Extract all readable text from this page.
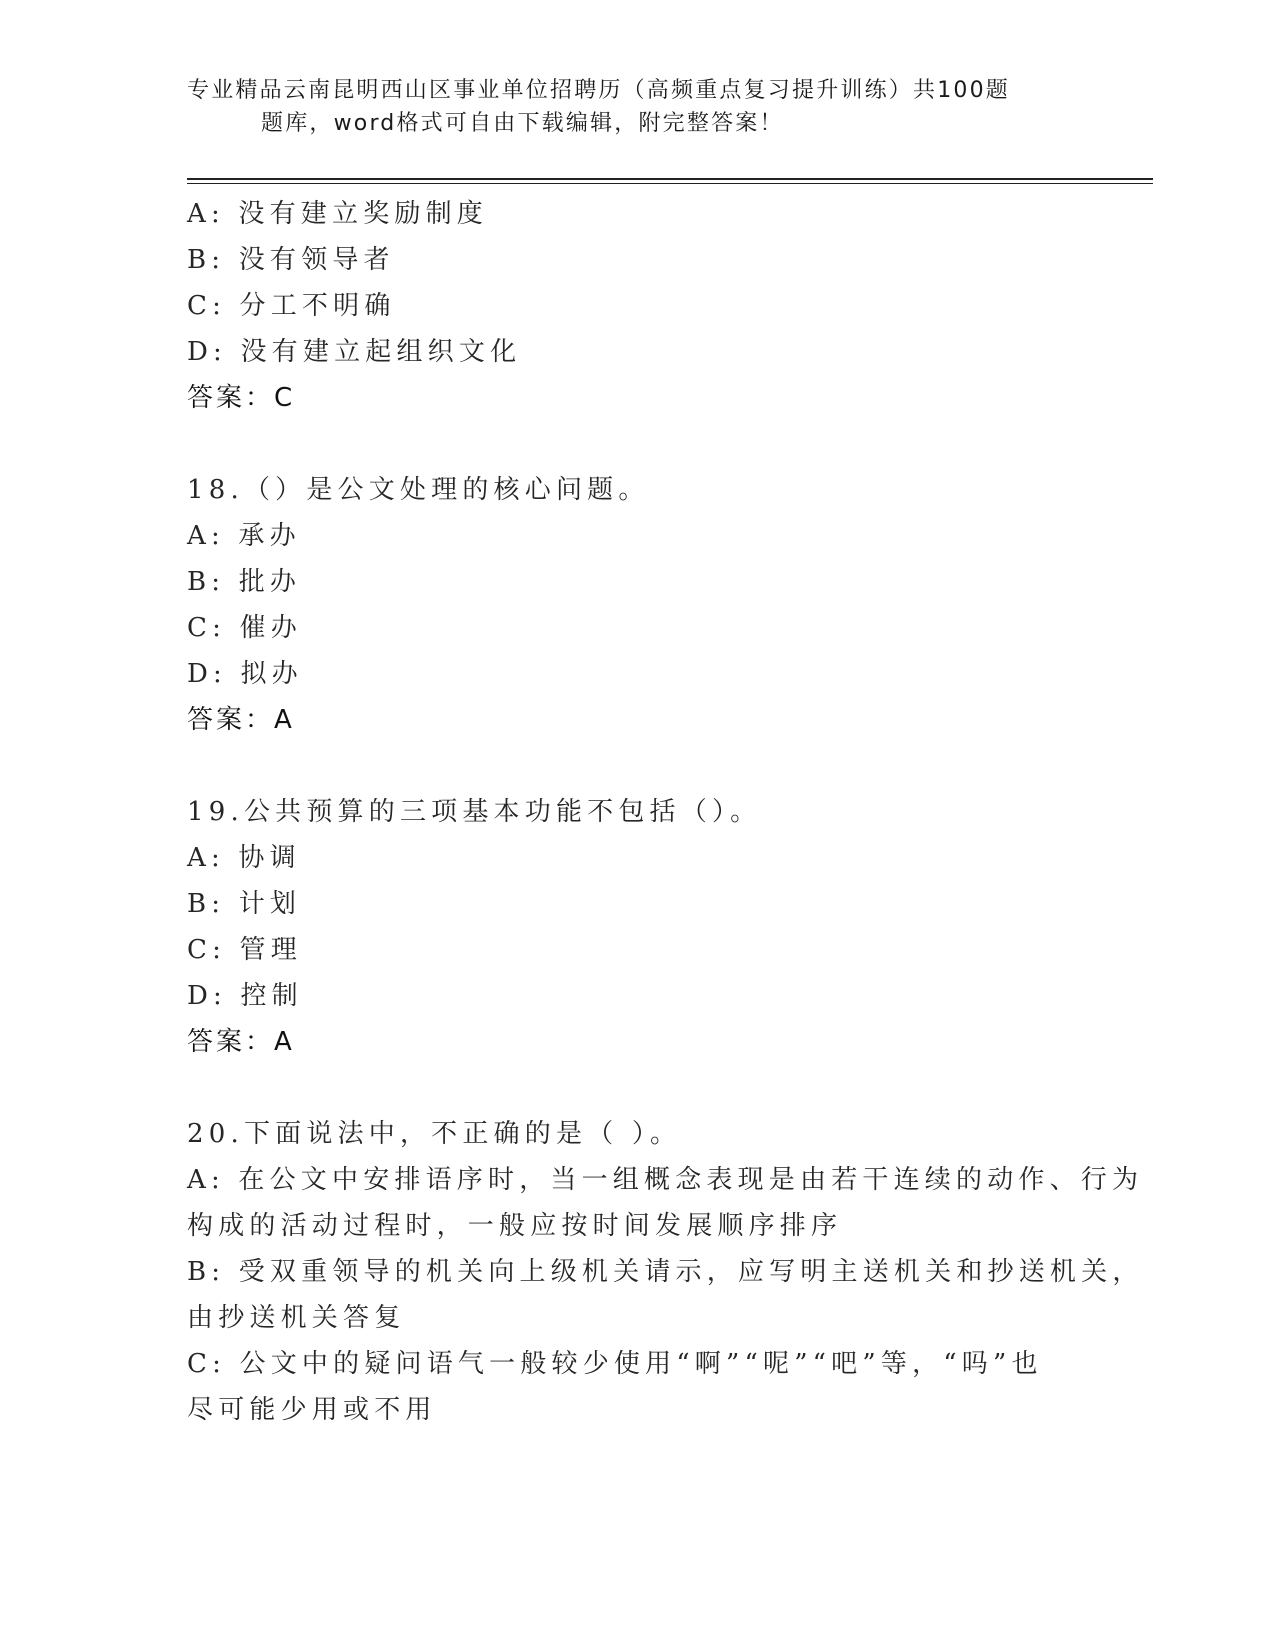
专业精品云南昆明西山区事业单位招聘历（高频重点复习提升训练）共100题
题库，word格式可自由下载编辑，附完整答案！
A: 没有建立奖励制度
B: 没有领导者
C: 分工不明确
D: 没有建立起组织文化
答案：C
18.（）是公文处理的核心问题。
A: 承办
B: 批办
C: 催办
D: 拟办
答案：A
19.公共预算的三项基本功能不包括（）。
A: 协调
B: 计划
C: 管理
D: 控制
答案：A
20.下面说法中，不正确的是（ ）。
A: 在公文中安排语序时，当一组概念表现是由若干连续的动作、行为
构成的活动过程时，一般应按时间发展顺序排序
B: 受双重领导的机关向上级机关请示，应写明主送机关和抄送机关，
由抄送机关答复
C: 公文中的疑问语气一般较少使用“啊”“呢”“吧”等，“吗”也
尽可能少用或不用
